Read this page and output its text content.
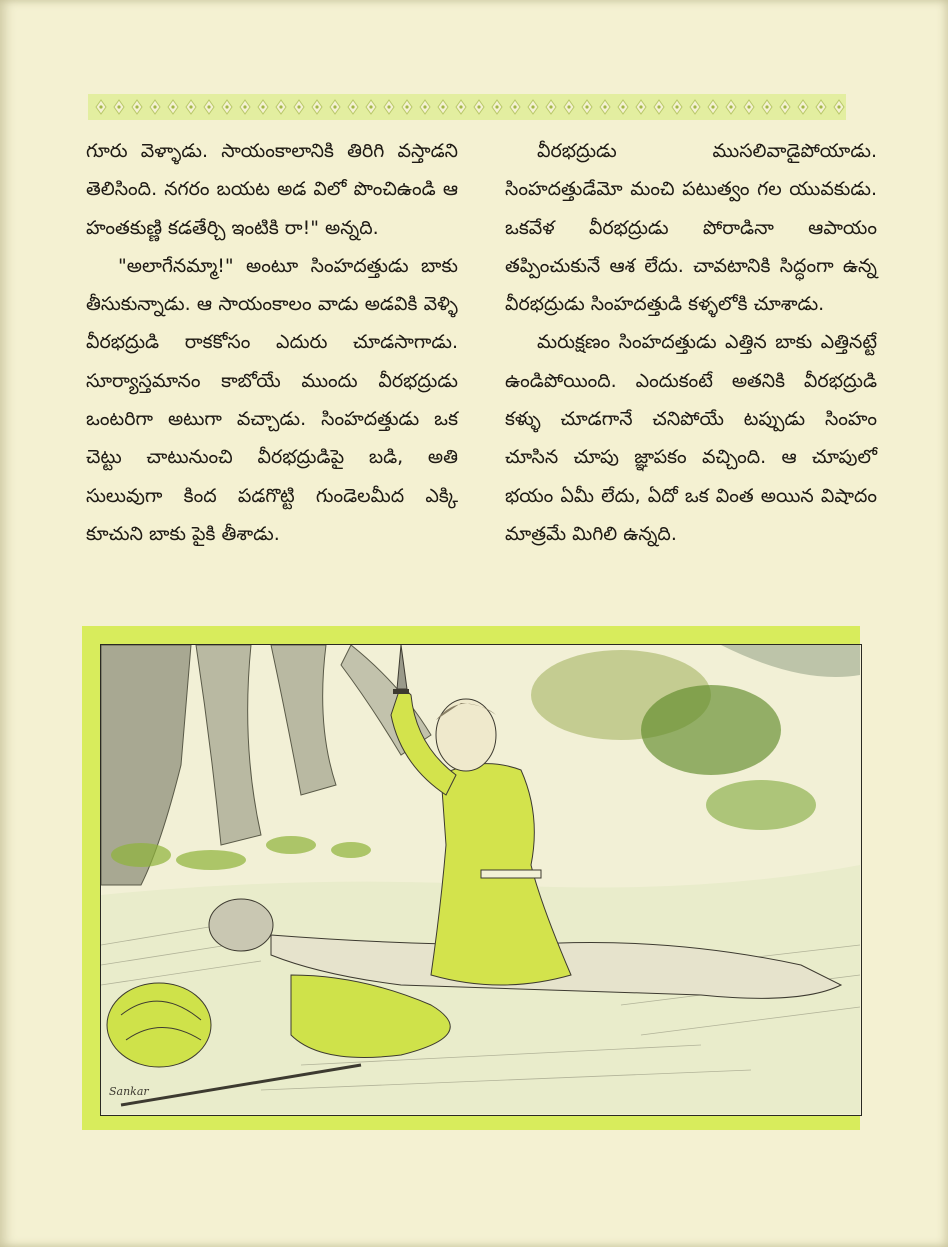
గూరు వెళ్ళాడు. సాయంకాలానికి తిరిగి వస్తాడని తెలిసింది. నగరం బయట అడ విలో పొంచిఉండి ఆ హంతకుణ్ణి కడతేర్చి ఇంటికి రా!" అన్నది.

"అలాగేనమ్మా!" అంటూ సింహదత్తుడు బాకు తీసుకున్నాడు. ఆ సాయంకాలం వాడు అడవికి వెళ్ళి వీరభద్రుడి రాకకోసం ఎదురు చూడసాగాడు. సూర్యాస్తమానం కాబోయే ముందు వీరభద్రుడు ఒంటరిగా అటుగా వచ్చాడు. సింహదత్తుడు ఒక చెట్టు చాటునుంచి వీరభద్రుడిపై బడి, అతి సులువుగా కింద పడగొట్టి గుండెలమీద ఎక్కి కూచుని బాకు పైకి తీశాడు.

వీరభద్రుడు ముసలివాడైపోయాడు. సింహదత్తుడేమో మంచి పటుత్వం గల యువకుడు. ఒకవేళ వీరభద్రుడు పోరాడినా ఆపాయం తప్పించుకునే ఆశ లేదు. చావటానికి సిద్ధంగా ఉన్న వీరభద్రుడు సింహదత్తుడి కళ్ళలోకి చూశాడు.

మరుక్షణం సింహదత్తుడు ఎత్తిన బాకు ఎత్తినట్టే ఉండిపోయింది. ఎందుకంటే అతనికి వీరభద్రుడి కళ్ళు చూడగానే చనిపోయే టప్పుడు సింహం చూసిన చూపు జ్ఞాపకం వచ్చింది. ఆ చూపులో భయం ఏమీ లేదు, ఏదో ఒక వింత అయిన విషాదం మాత్రమే మిగిలి ఉన్నది.

Sankar
